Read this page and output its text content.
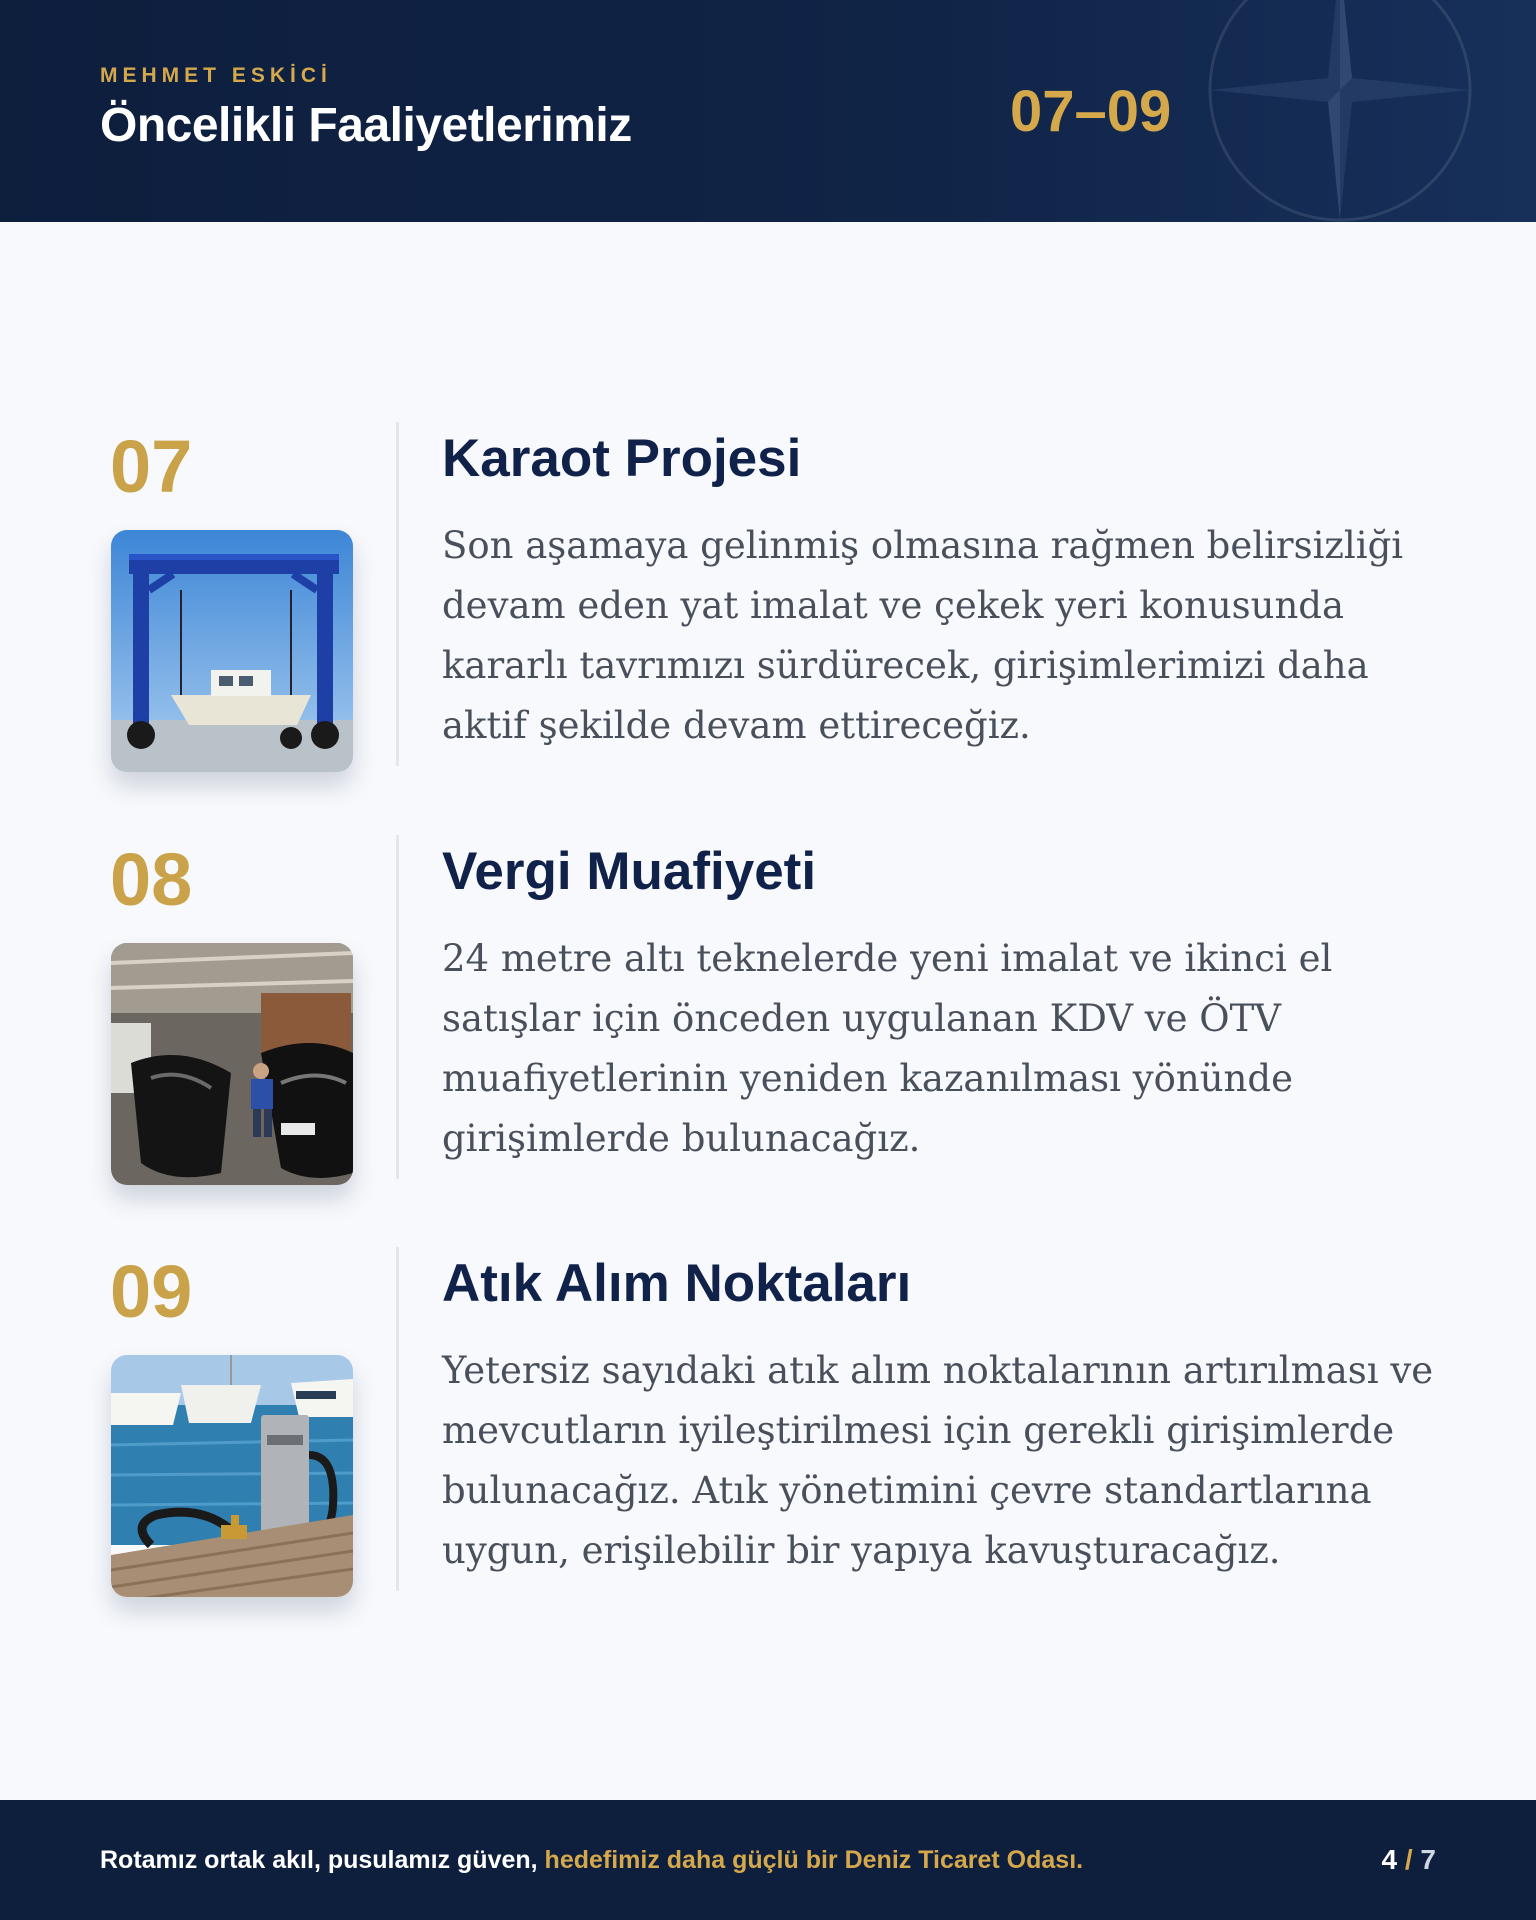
MEHMET ESKİCİ
Öncelikli Faaliyetlerimiz	07–09
07	Karaot Projesi
Son aşamaya gelinmiş olmasına rağmen belirsizliği devam eden yat imalat ve çekek yeri konusunda kararlı tavrımızı sürdürecek, girişimlerimizi daha aktif şekilde devam ettireceğiz.
08	Vergi Muafiyeti
24 metre altı teknelerde yeni imalat ve ikinci el satışlar için önceden uygulanan KDV ve ÖTV muafiyetlerinin yeniden kazanılması yönünde girişimlerde bulunacağız.
09	Atık Alım Noktaları
Yetersiz sayıdaki atık alım noktalarının artırılması ve mevcutların iyileştirilmesi için gerekli girişimlerde bulunacağız. Atık yönetimini çevre standartlarına uygun, erişilebilir bir yapıya kavuşturacağız.
Rotamız ortak akıl, pusulamız güven, hedefimiz daha güçlü bir Deniz Ticaret Odası.	4 / 7
